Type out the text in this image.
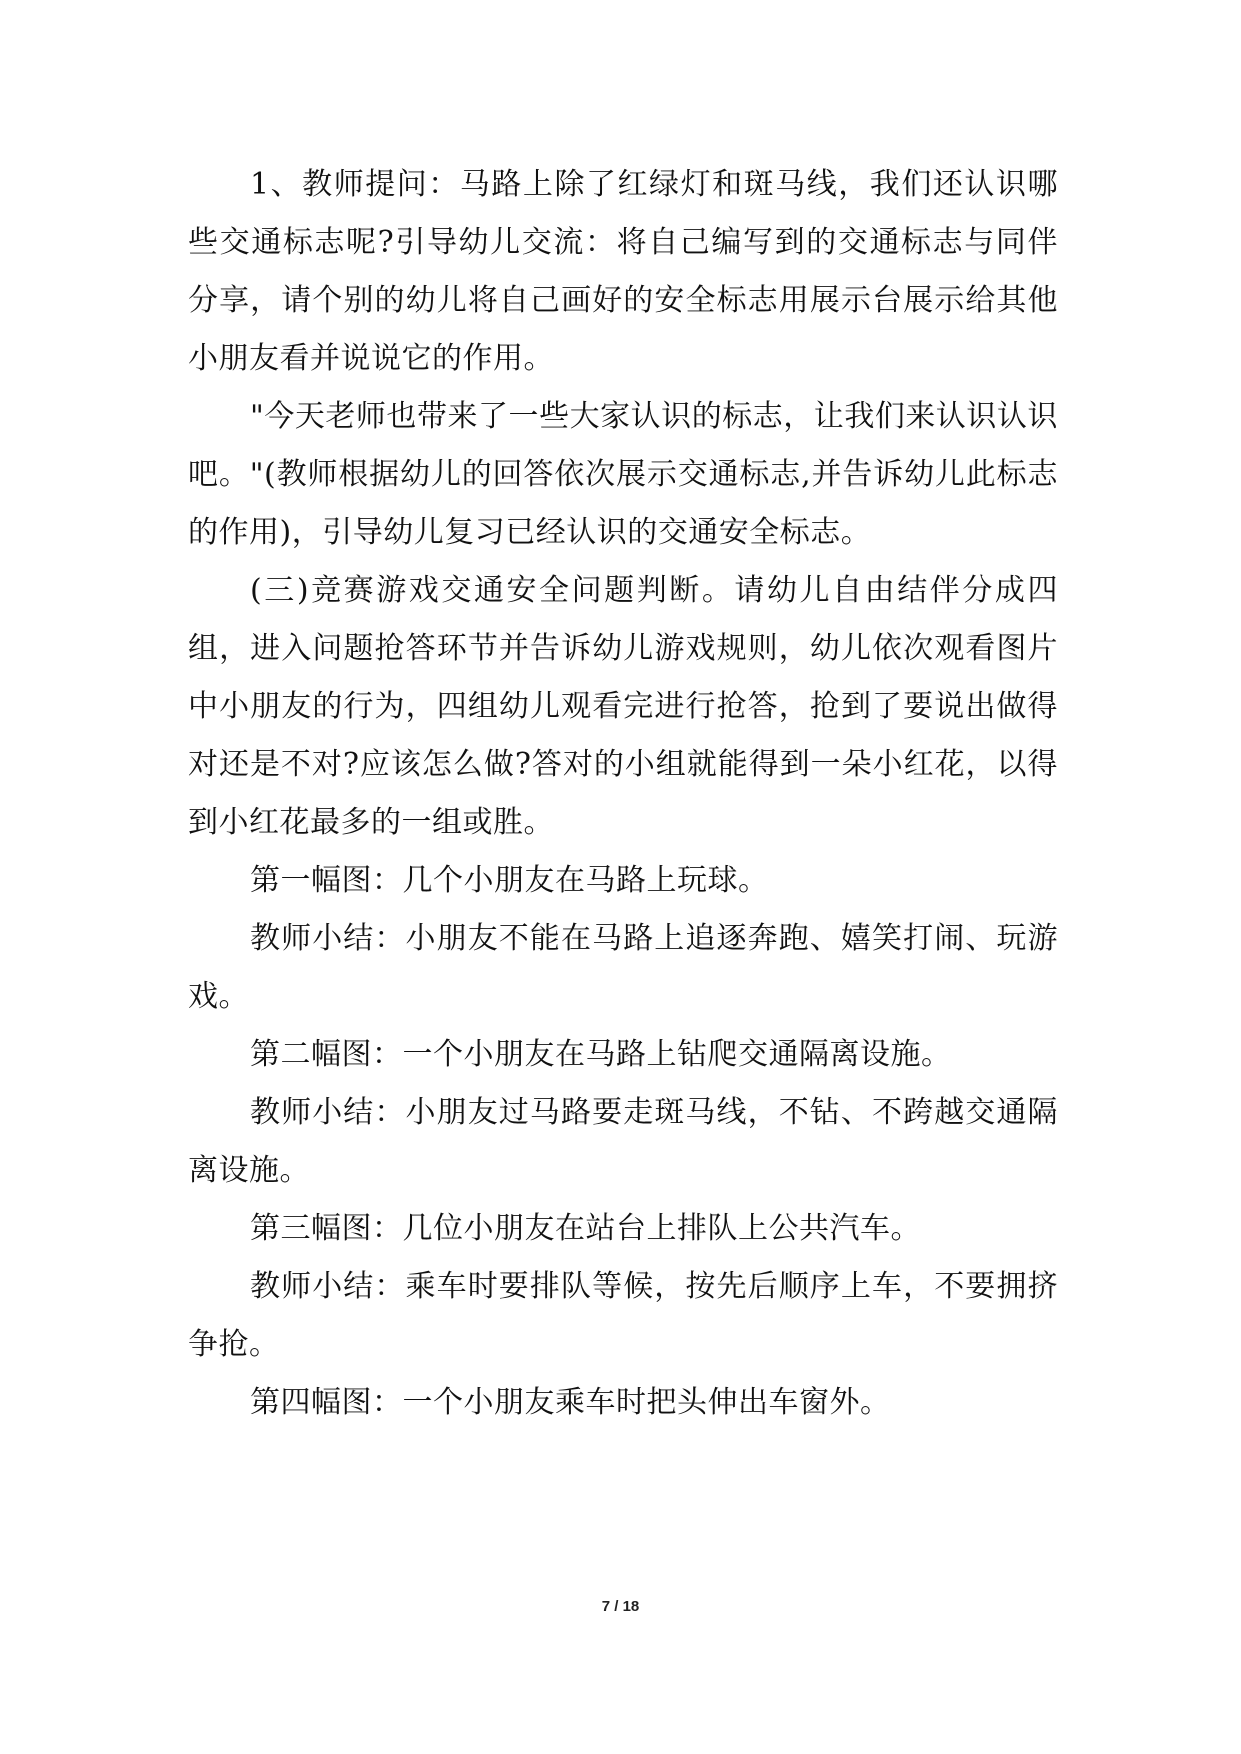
1、教师提问：马路上除了红绿灯和斑马线，我们还认识哪些交通标志呢?引导幼儿交流：将自己编写到的交通标志与同伴分享，请个别的幼儿将自己画好的安全标志用展示台展示给其他小朋友看并说说它的作用。

"今天老师也带来了一些大家认识的标志，让我们来认识认识吧。"(教师根据幼儿的回答依次展示交通标志,并告诉幼儿此标志的作用)，引导幼儿复习已经认识的交通安全标志。

(三)竞赛游戏交通安全问题判断。请幼儿自由结伴分成四组，进入问题抢答环节并告诉幼儿游戏规则，幼儿依次观看图片中小朋友的行为，四组幼儿观看完进行抢答，抢到了要说出做得对还是不对?应该怎么做?答对的小组就能得到一朵小红花，以得到小红花最多的一组或胜。

第一幅图：几个小朋友在马路上玩球。

教师小结：小朋友不能在马路上追逐奔跑、嬉笑打闹、玩游戏。

第二幅图：一个小朋友在马路上钻爬交通隔离设施。

教师小结：小朋友过马路要走斑马线，不钻、不跨越交通隔离设施。

第三幅图：几位小朋友在站台上排队上公共汽车。

教师小结：乘车时要排队等候，按先后顺序上车，不要拥挤争抢。

第四幅图：一个小朋友乘车时把头伸出车窗外。

7 / 18
